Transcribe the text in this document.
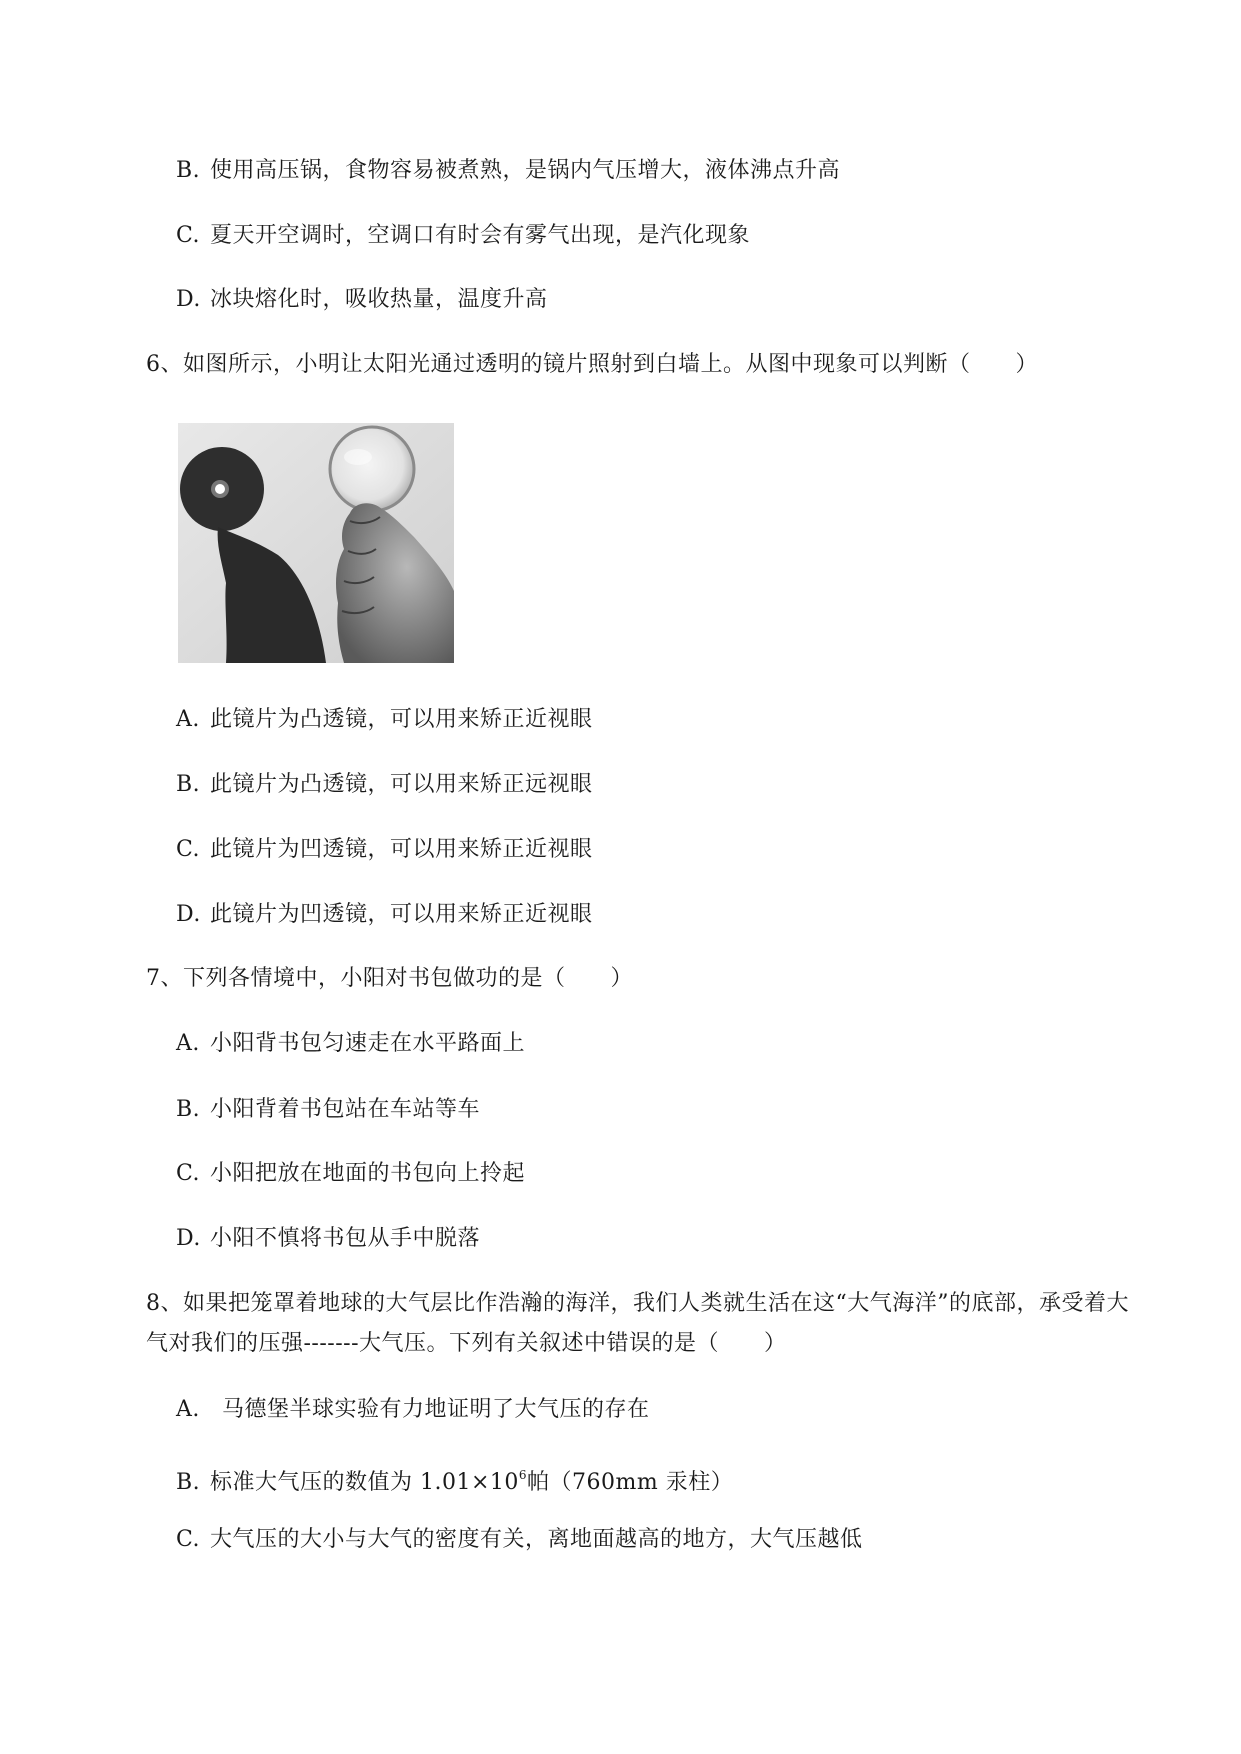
B. 使用高压锅，食物容易被煮熟，是锅内气压增大，液体沸点升高
C. 夏天开空调时，空调口有时会有雾气出现，是汽化现象
D. 冰块熔化时，吸收热量，温度升高
6、如图所示，小明让太阳光通过透明的镜片照射到白墙上。从图中现象可以判断（　　）
A. 此镜片为凸透镜，可以用来矫正近视眼
B. 此镜片为凸透镜，可以用来矫正远视眼
C. 此镜片为凹透镜，可以用来矫正近视眼
D. 此镜片为凹透镜，可以用来矫正近视眼
7、下列各情境中，小阳对书包做功的是（　　）
A. 小阳背书包匀速走在水平路面上
B. 小阳背着书包站在车站等车
C. 小阳把放在地面的书包向上拎起
D. 小阳不慎将书包从手中脱落
8、如果把笼罩着地球的大气层比作浩瀚的海洋，我们人类就生活在这“大气海洋”的底部，承受着大
气对我们的压强-------大气压。下列有关叙述中错误的是（　　）
A. 马德堡半球实验有力地证明了大气压的存在
B. 标准大气压的数值为 $1.01\times 10^6$帕（760mm 汞柱）
C. 大气压的大小与大气的密度有关，离地面越高的地方，大气压越低
